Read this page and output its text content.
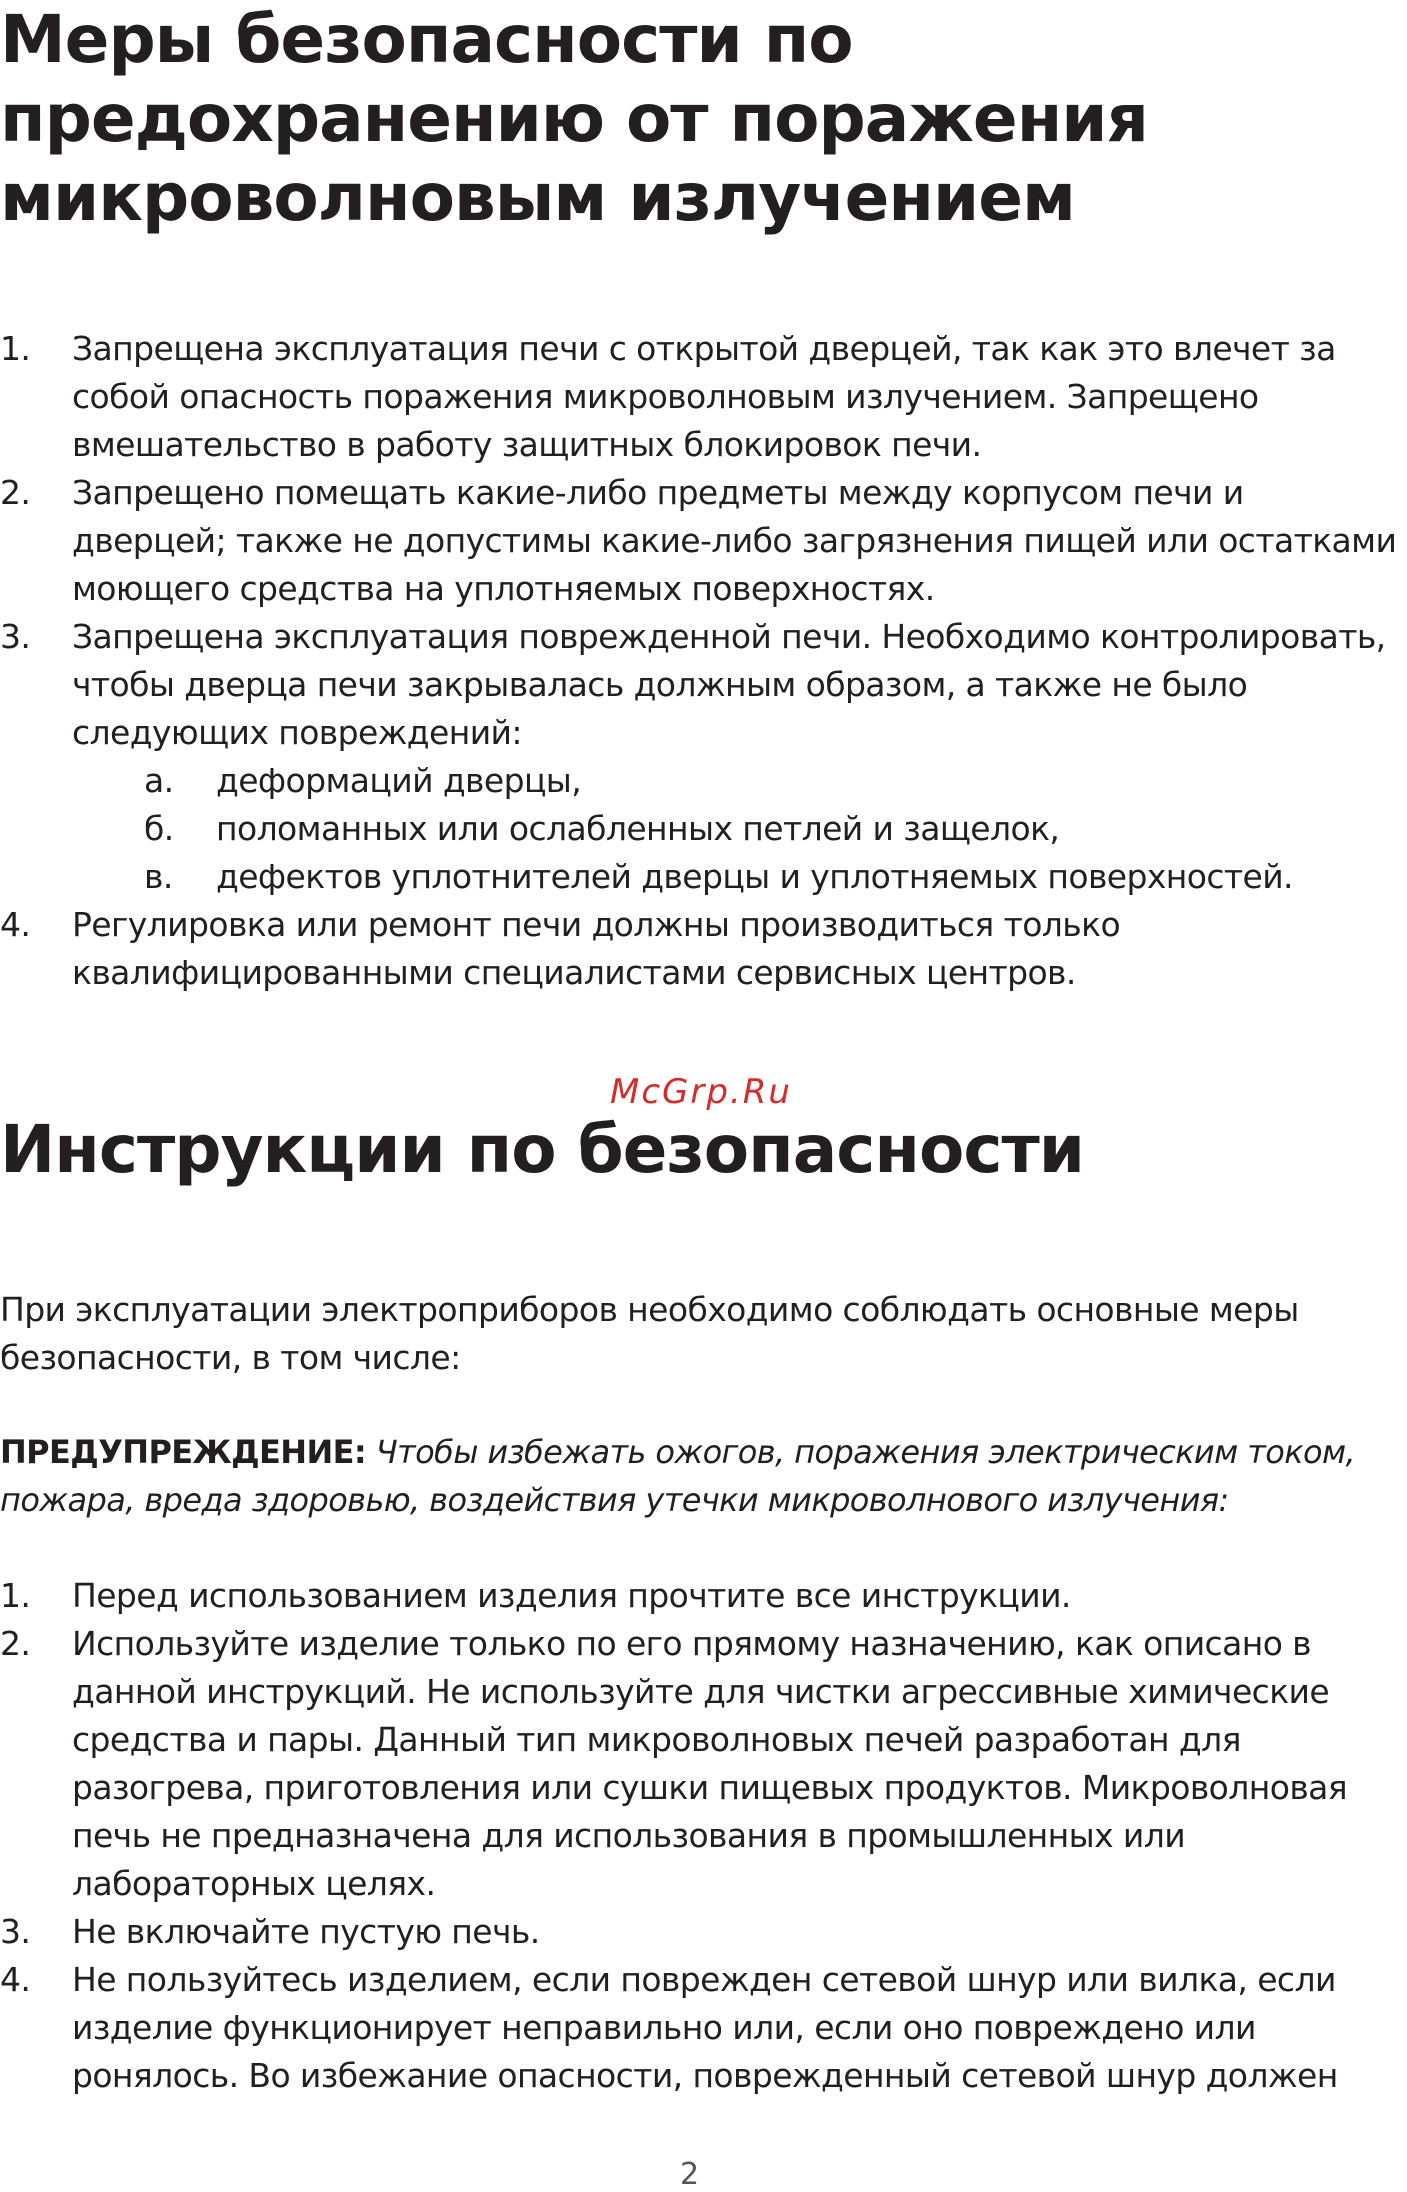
Меры безопасности по предохранению от поражения микроволновым излучением
1. Запрещена эксплуатация печи с открытой дверцей, так как это влечет за собой опасность поражения микроволновым излучением. Запрещено вмешательство в работу защитных блокировок печи.
2. Запрещено помещать какие-либо предметы между корпусом печи и дверцей; также не допустимы какие-либо загрязнения пищей или остатками моющего средства на уплотняемых поверхностях.
3. Запрещена эксплуатация поврежденной печи. Необходимо контролировать, чтобы дверца печи закрывалась должным образом, а также не было следующих повреждений:
а. деформаций дверцы,
б. поломанных или ослабленных петлей и защелок,
в. дефектов уплотнителей дверцы и уплотняемых поверхностей.
4. Регулировка или ремонт печи должны производиться только квалифицированными специалистами сервисных центров.
McGrp.Ru
Инструкции по безопасности

При эксплуатации электроприборов необходимо соблюдать основные меры безопасности, в том числе:

ПРЕДУПРЕЖДЕНИЕ: Чтобы избежать ожогов, поражения электрическим током, пожара, вреда здоровью, воздействия утечки микроволнового излучения:

1. Перед использованием изделия прочтите все инструкции.
2. Используйте изделие только по его прямому назначению, как описано в данной инструкций. Не используйте для чистки агрессивные химические средства и пары. Данный тип микроволновых печей разработан для разогрева, приготовления или сушки пищевых продуктов. Микроволновая печь не предназначена для использования в промышленных или лабораторных целях.
3. Не включайте пустую печь.
4. Не пользуйтесь изделием, если поврежден сетевой шнур или вилка, если изделие функционирует неправильно или, если оно повреждено или ронялось. Во избежание опасности, поврежденный сетевой шнур должен
2
